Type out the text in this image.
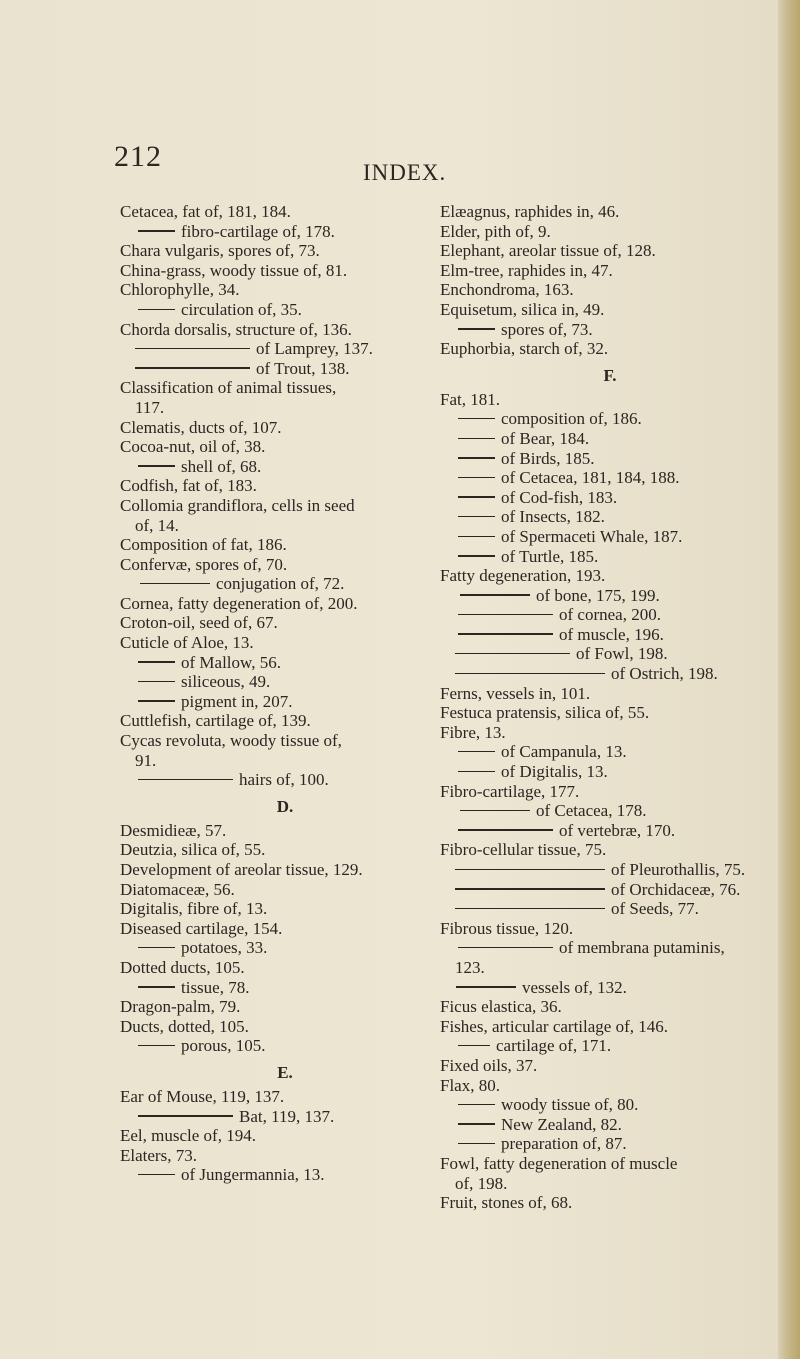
212	INDEX.
Cetacea, fat of, 181, 184.
fibro-cartilage of, 178.
Chara vulgaris, spores of, 73.
China-grass, woody tissue of, 81.
Chlorophylle, 34.
circulation of, 35.
Chorda dorsalis, structure of, 136.
of Lamprey, 137.
of Trout, 138.
Classification of animal tissues,
117.
Clematis, ducts of, 107.
Cocoa-nut, oil of, 38.
shell of, 68.
Codfish, fat of, 183.
Collomia grandiflora, cells in seed
of, 14.
Composition of fat, 186.
Confervæ, spores of, 70.
conjugation of, 72.
Cornea, fatty degeneration of, 200.
Croton-oil, seed of, 67.
Cuticle of Aloe, 13.
of Mallow, 56.
siliceous, 49.
pigment in, 207.
Cuttlefish, cartilage of, 139.
Cycas revoluta, woody tissue of,
91.
hairs of, 100.
D.
Desmidieæ, 57.
Deutzia, silica of, 55.
Development of areolar tissue, 129.
Diatomaceæ, 56.
Digitalis, fibre of, 13.
Diseased cartilage, 154.
potatoes, 33.
Dotted ducts, 105.
tissue, 78.
Dragon-palm, 79.
Ducts, dotted, 105.
porous, 105.
E.
Ear of Mouse, 119, 137.
Bat, 119, 137.
Eel, muscle of, 194.
Elaters, 73.
of Jungermannia, 13.
Elæagnus, raphides in, 46.
Elder, pith of, 9.
Elephant, areolar tissue of, 128.
Elm-tree, raphides in, 47.
Enchondroma, 163.
Equisetum, silica in, 49.
spores of, 73.
Euphorbia, starch of, 32.
F.
Fat, 181.
composition of, 186.
of Bear, 184.
of Birds, 185.
of Cetacea, 181, 184, 188.
of Cod-fish, 183.
of Insects, 182.
of Spermaceti Whale, 187.
of Turtle, 185.
Fatty degeneration, 193.
of bone, 175, 199.
of cornea, 200.
of muscle, 196.
of Fowl, 198.
of Ostrich, 198.
Ferns, vessels in, 101.
Festuca pratensis, silica of, 55.
Fibre, 13.
of Campanula, 13.
of Digitalis, 13.
Fibro-cartilage, 177.
of Cetacea, 178.
of vertebræ, 170.
Fibro-cellular tissue, 75.
of Pleurothallis, 75.
of Orchidaceæ, 76.
of Seeds, 77.
Fibrous tissue, 120.
of membrana putaminis,
123.
vessels of, 132.
Ficus elastica, 36.
Fishes, articular cartilage of, 146.
cartilage of, 171.
Fixed oils, 37.
Flax, 80.
woody tissue of, 80.
New Zealand, 82.
preparation of, 87.
Fowl, fatty degeneration of muscle
of, 198.
Fruit, stones of, 68.
